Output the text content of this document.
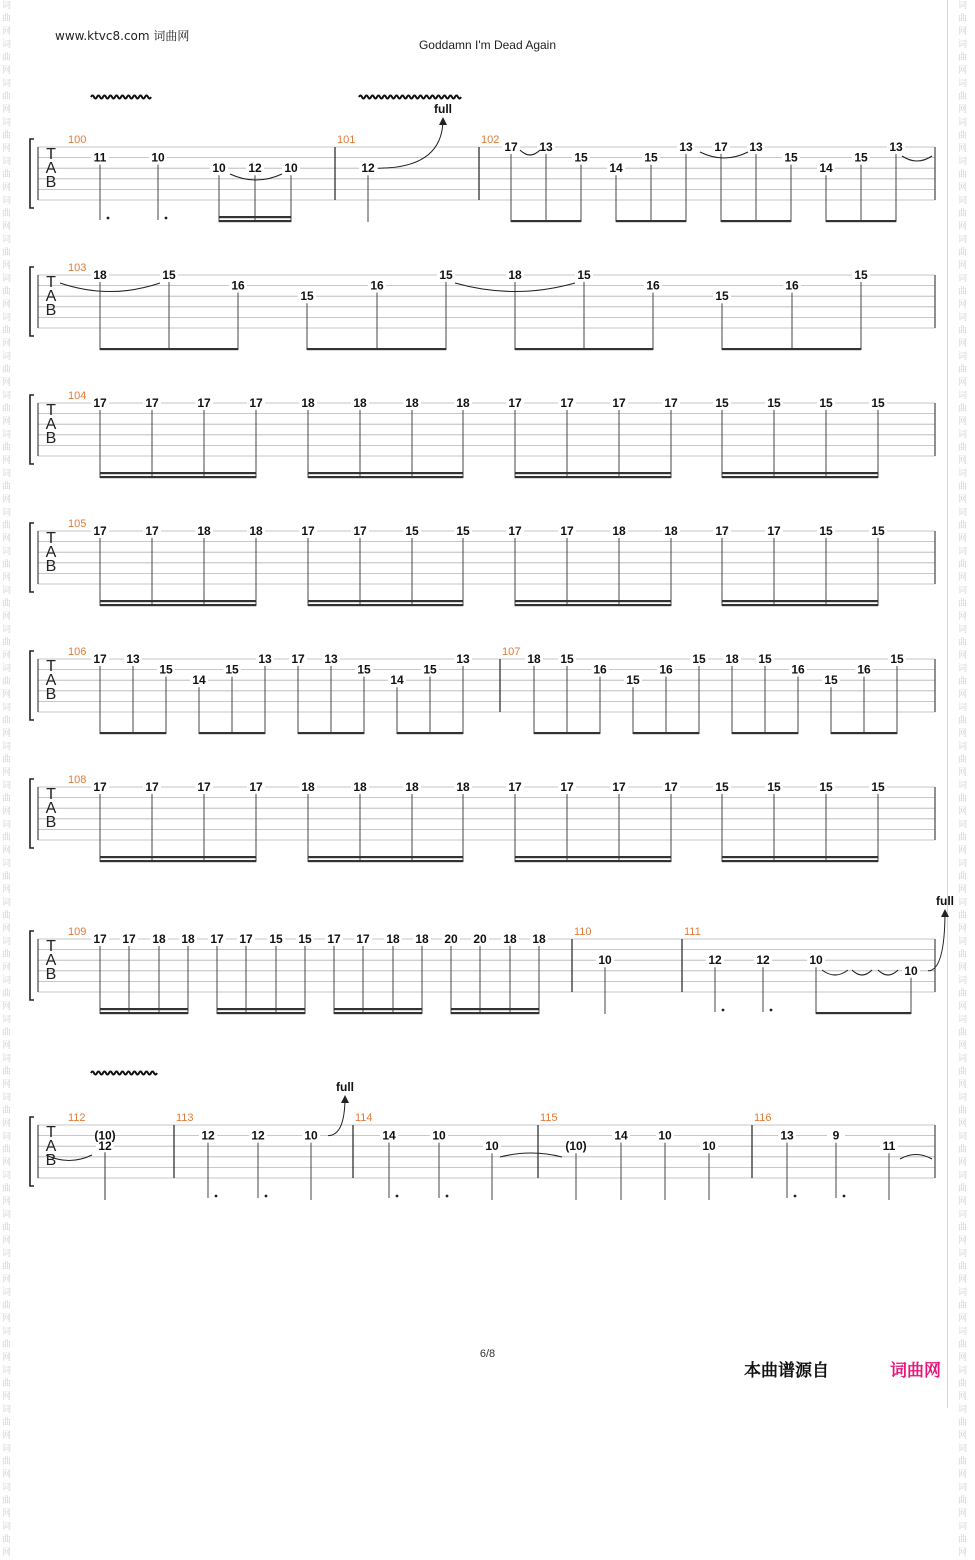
词曲网词曲网词曲网词曲网词曲网词曲网词曲网词曲网词曲网词曲网词曲网词曲网词曲网词曲网词曲网词曲网词曲网词曲网词曲网词曲网词曲网词曲网词曲网词曲网词曲网词曲网词曲网词曲网词曲网词曲网词曲网词曲网词曲网词曲网词曲网词曲网词曲网词曲网词曲网词曲网
词曲网词曲网词曲网词曲网词曲网词曲网词曲网词曲网词曲网词曲网词曲网词曲网词曲网词曲网词曲网词曲网词曲网词曲网词曲网词曲网词曲网词曲网词曲网词曲网词曲网词曲网词曲网词曲网词曲网词曲网词曲网词曲网词曲网词曲网词曲网词曲网词曲网词曲网词曲网词曲网
www.ktvc8.com 词曲网
Goddamn I'm Dead Again
T
A
B
100	101
full
102
11	10
10 12 10	12
17 13
15
14
15
13 17 13
15
14
15
13
T
A
B
103 18	15
16
15
16
15	18	15
16
15
16
15
T
A
B
104 17	17	17	17	18	18	18	18	17	17	17	17	15	15	15	15
T
A
B
105 17	17	18	18	17	17	15	15	17	17	18	18	17	17	15	15
T
A
B
106	107
17 13
15
14
15
13 17 13
15
14
15
13	18 15
16
15
16
15 18 15
16
15
16
15
T
A
B
108 17	17	17	17	18	18	18	18	17	17	17	17	15	15	15	15
T
A
B
109	110	111
full
17 17 18 18 17 17 15 15 17 17 18 18 20 20 18 18
10	12	12	10
10
T
A
B
112	113
full
114	115	116
(10)
12
12	12	10	14	10
10	(10)
14	10
10
13	9
11
6/8
本曲谱源自	词曲网
